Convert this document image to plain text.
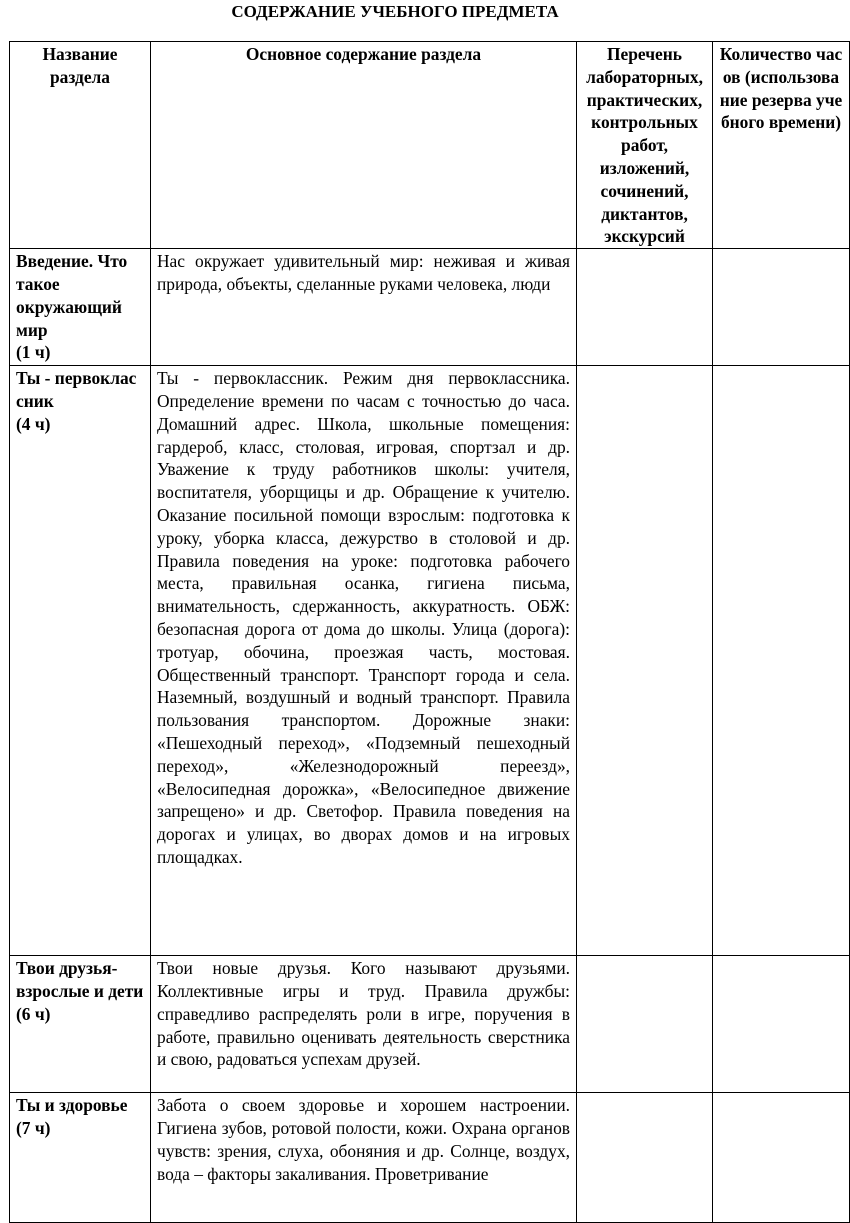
СОДЕРЖАНИЕ УЧЕБНОГО ПРЕДМЕТА
Название раздела	Основное содержание раздела	Перечень лабораторных, практических, контрольных работ, изложений, сочинений, диктантов, экскурсий	Количество часов (использование резерва учебного времени)

Введение. Что такое окружающий мир
(1 ч)	Нас окружает удивительный мир: неживая и живая природа, объекты, сделанные руками человека, люди		

Ты - первоклассник
(4 ч)	Ты - первоклассник. Режим дня первоклассника. Определение времени по часам с точностью до часа. Домашний адрес. Школа, школьные помещения: гардероб, класс, столовая, игровая, спортзал и др. Уважение к труду работников школы: учителя, воспитателя, уборщицы и др. Обращение к учителю. Оказание посильной помощи взрослым: подготовка к уроку, уборка класса, дежурство в столовой и др. Правила поведения на уроке: подготовка рабочего места, правильная осанка, гигиена письма, внимательность, сдержанность, аккуратность. ОБЖ: безопасная дорога от дома до школы. Улица (дорога): тротуар, обочина, проезжая часть, мостовая. Общественный транспорт. Транспорт города и села. Наземный, воздушный и водный транспорт. Правила пользования транспортом. Дорожные знаки: «Пешеходный переход», «Подземный пешеходный переход», «Железнодорожный переезд», «Велосипедная дорожка», «Велосипедное движение запрещено» и др. Светофор. Правила поведения на дорогах и улицах, во дворах домов и на игровых площадках.		

Твои друзья-взрослые и дети
(6 ч)	Твои новые друзья. Кого называют друзьями. Коллективные игры и труд. Правила дружбы: справедливо распределять роли в игре, поручения в работе, правильно оценивать деятельность сверстника и свою, радоваться успехам друзей.		

Ты и здоровье
(7 ч)	Забота о своем здоровье и хорошем настроении. Гигиена зубов, ротовой полости, кожи. Охрана органов чувств: зрения, слуха, обоняния и др. Солнце, воздух, вода – факторы закаливания. Проветривание		
